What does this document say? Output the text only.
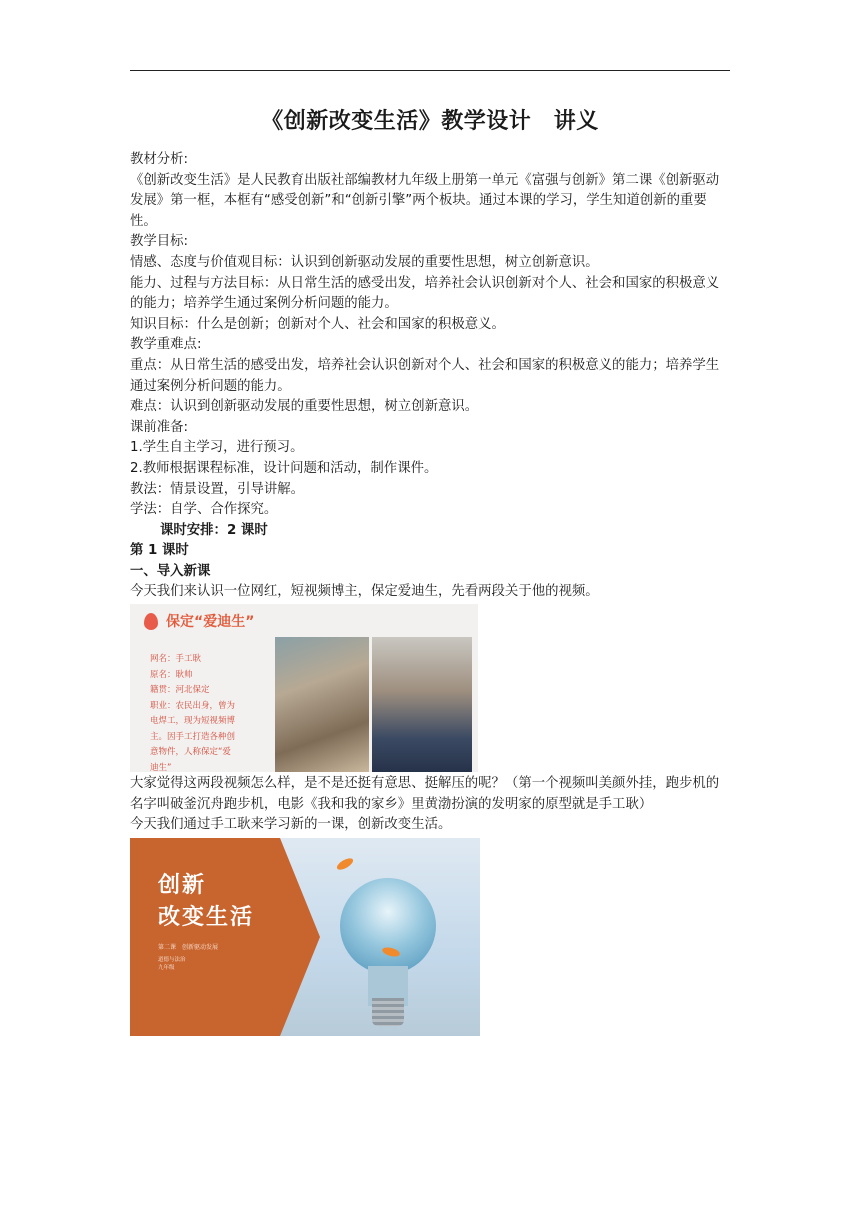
《创新改变生活》教学设计　讲义

教材分析:

《创新改变生活》是人民教育出版社部编教材九年级上册第一单元《富强与创新》第二课《创新驱动发展》第一框，本框有“感受创新”和“创新引擎”两个板块。通过本课的学习，学生知道创新的重要性。

教学目标:

情感、态度与价值观目标：认识到创新驱动发展的重要性思想，树立创新意识。

能力、过程与方法目标：从日常生活的感受出发，培养社会认识创新对个人、社会和国家的积极意义的能力；培养学生通过案例分析问题的能力。

知识目标：什么是创新；创新对个人、社会和国家的积极意义。

教学重难点:

重点：从日常生活的感受出发，培养社会认识创新对个人、社会和国家的积极意义的能力；培养学生通过案例分析问题的能力。

难点：认识到创新驱动发展的重要性思想，树立创新意识。

课前准备:

1.学生自主学习，进行预习。

2.教师根据课程标准，设计问题和活动，制作课件。

教法：情景设置，引导讲解。

学法：自学、合作探究。

课时安排：2 课时

第 1 课时

一、导入新课

今天我们来认识一位网红，短视频博主，保定爱迪生，先看两段关于他的视频。

保定“爱迪生”
网名：手工耿
原名：耿帅
籍贯：河北保定
职业：农民出身，曾为
电焊工，现为短视频博
主。因手工打造各种创
意物件，人称保定“爱
迪生”

大家觉得这两段视频怎么样，是不是还挺有意思、挺解压的呢？（第一个视频叫美颜外挂，跑步机的名字叫破釜沉舟跑步机，电影《我和我的家乡》里黄渤扮演的发明家的原型就是手工耿）

今天我们通过手工耿来学习新的一课，创新改变生活。

创新
改变生活
第二课　创新驱动发展
道德与法治
九年级
